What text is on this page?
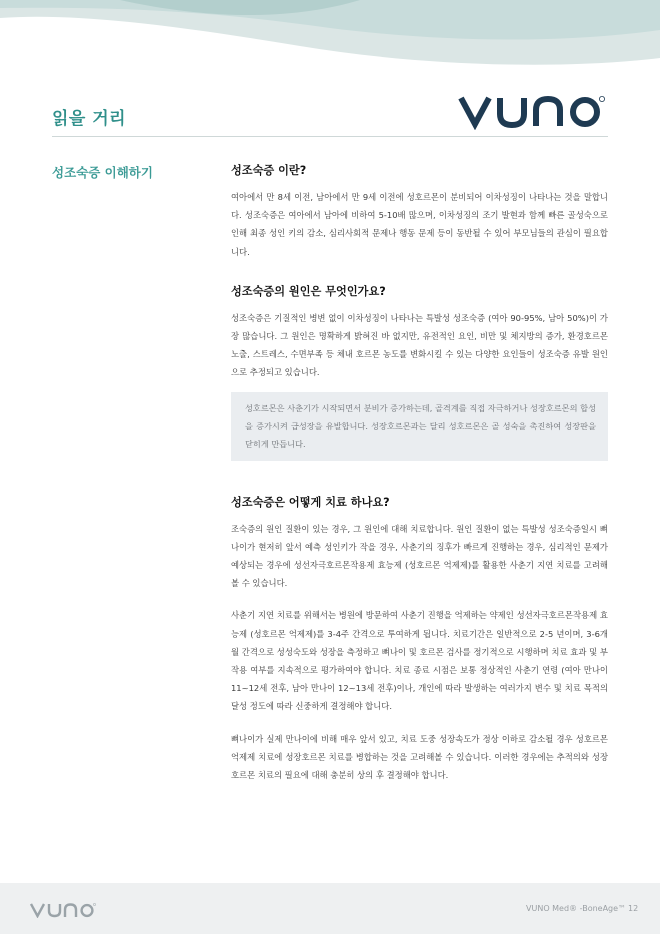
읽을 거리
성조숙증 이해하기	성조숙증 이란?

여아에서 만 8세 이전, 남아에서 만 9세 이전에 성호르몬이 분비되어 이차성징이 나타나는 것을 말합니다. 성조숙증은 여아에서 남아에 비하여 5-10배 많으며, 이차성징의 조기 발현과 함께 빠른 골성숙으로 인해 최종 성인 키의 감소, 심리사회적 문제나 행동 문제 등이 동반될 수 있어 부모님들의 관심이 필요합니다.

성조숙증의 원인은 무엇인가요?

성조숙증은 기질적인 병변 없이 이차성징이 나타나는 특발성 성조숙증 (여아 90-95%, 남아 50%)이 가장 많습니다. 그 원인은 명확하게 밝혀진 바 없지만, 유전적인 요인, 비만 및 체지방의 증가, 환경호르몬 노출, 스트레스, 수면부족 등 체내 호르몬 농도를 변화시킬 수 있는 다양한 요인들이 성조숙증 유발 원인으로 추정되고 있습니다.

성호르몬은 사춘기가 시작되면서 분비가 증가하는데, 골격계를 직접 자극하거나 성장호르몬의 합성을 증가시켜 급성장을 유발합니다. 성장호르몬과는 달리 성호르몬은 골 성숙을 촉진하여 성장판을 닫히게 만듭니다.
성조숙증은 어떻게 치료 하나요?

조숙증의 원인 질환이 있는 경우, 그 원인에 대해 치료합니다. 원인 질환이 없는 특발성 성조숙증일시 뼈나이가 현저히 앞서 예측 성인키가 작을 경우, 사춘기의 징후가 빠르게 진행하는 경우, 심리적인 문제가 예상되는 경우에 성선자극호르몬작용제 효능제 (성호르몬 억제제)를 활용한 사춘기 지연 치료를 고려해볼 수 있습니다.

사춘기 지연 치료를 위해서는 병원에 방문하여 사춘기 진행을 억제하는 약제인 성선자극호르몬작용제 효능제 (성호르몬 억제제)를 3-4주 간격으로 투여하게 됩니다. 치료기간은 일반적으로 2-5 년이며, 3-6개월 간격으로 성성숙도와 성장을 측정하고 뼈나이 및 호르몬 검사를 정기적으로 시행하며 치료 효과 및 부작용 여부를 지속적으로 평가하여야 합니다. 치료 종료 시점은 보통 정상적인 사춘기 연령 (여아 만나이 11~12세 전후, 남아 만나이 12~13세 전후)이나, 개인에 따라 발생하는 여러가지 변수 및 치료 목적의 달성 정도에 따라 신중하게 결정해야 합니다.

뼈나이가 실제 만나이에 비해 매우 앞서 있고, 치료 도중 성장속도가 정상 이하로 감소될 경우 성호르몬 억제제 치료에 성장호르몬 치료를 병합하는 것을 고려해볼 수 있습니다. 이러한 경우에는 추적의와 성장호르몬 치료의 필요에 대해 충분히 상의 후 결정해야 합니다.

VUNO Med® -BoneAge™ 12
